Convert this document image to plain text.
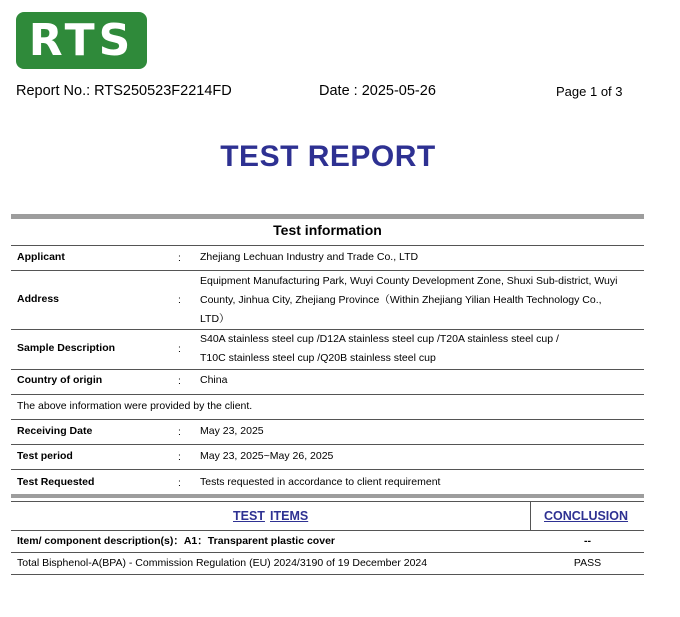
RTS
Report No.: RTS250523F2214FD	Date : 2025-05-26	Page 1 of 3
TEST REPORT
Test information
Applicant	: Zhejiang Lechuan Industry and Trade Co., LTD
Address	:
Equipment Manufacturing Park, Wuyi County Development Zone, Shuxi Sub-district, Wuyi
County, Jinhua City, Zhejiang Province（Within Zhejiang Yilian Health Technology Co.,
LTD）
Sample Description	:
S40A stainless steel cup /D12A stainless steel cup /T20A stainless steel cup /
T10C stainless steel cup /Q20B stainless steel cup
Country of origin	: China
The above information were provided by the client.
Receiving Date	: May 23, 2025
Test period	: May 23, 2025~May 26, 2025
Test Requested	: Tests requested in accordance to client requirement
TEST ITEMS	CONCLUSION
Item/ component description(s)：A1：Transparent plastic cover	--
Total Bisphenol-A(BPA) - Commission Regulation (EU) 2024/3190 of 19 December 2024	PASS
